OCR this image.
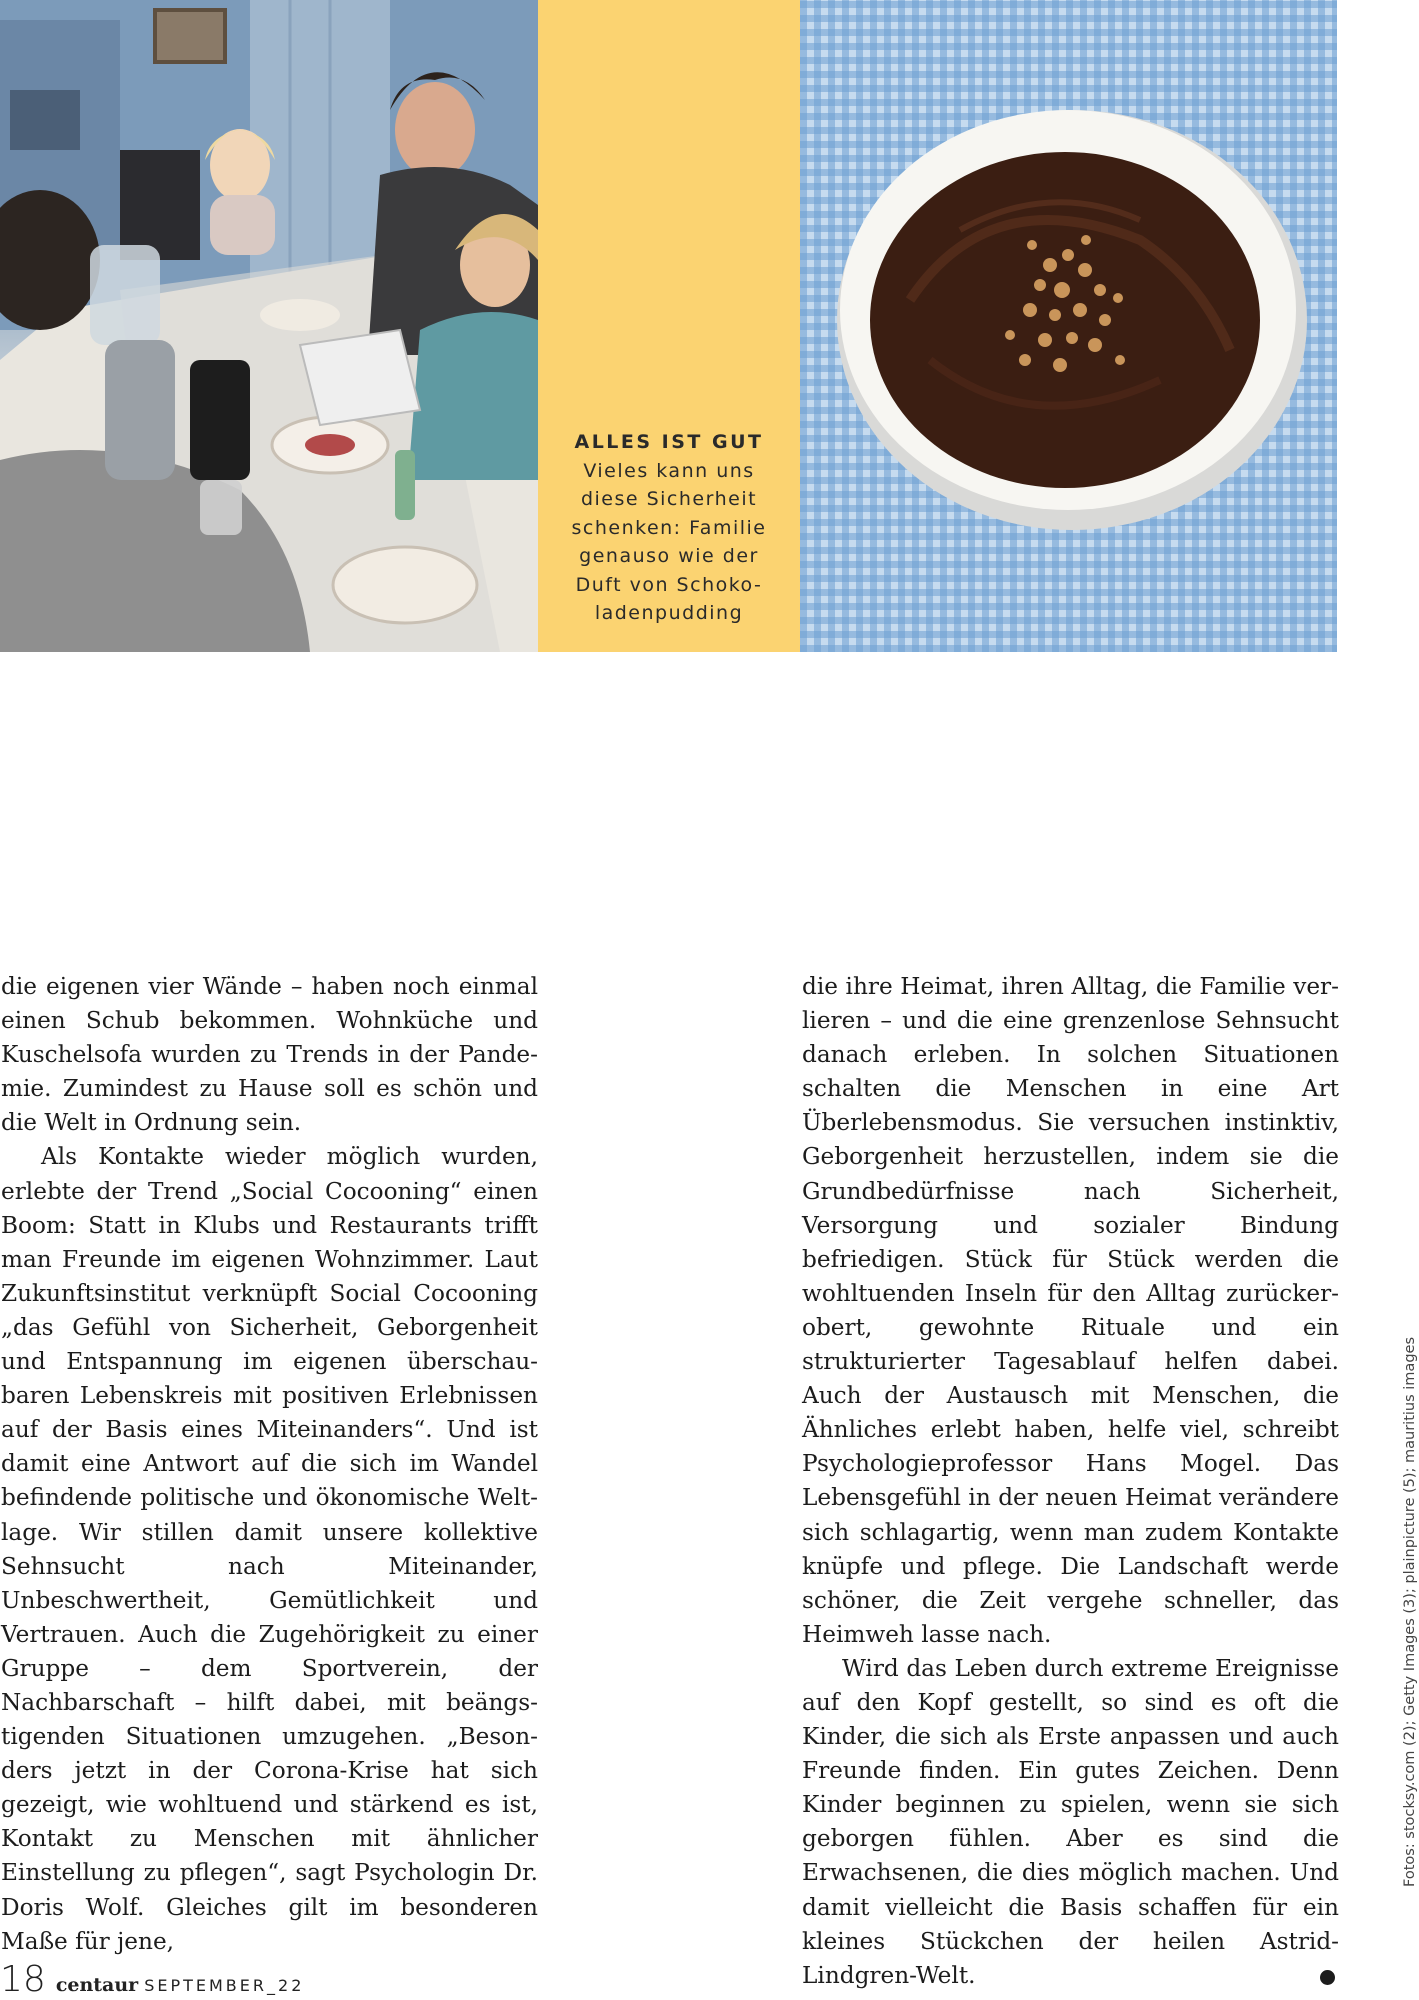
ALLES IST GUT
Vieles kann uns
diese Sicherheit
schenken: Familie
genauso wie der
Duft von Schoko-
ladenpudding

die eigenen vier Wände – haben noch einmal einen Schub bekommen. Wohnküche und Kuschelsofa wurden zu Trends in der Pandemie. Zumindest zu Hause soll es schön und die Welt in Ordnung sein.

Als Kontakte wieder möglich wurden, erlebte der Trend „Social Cocooning“ einen Boom: Statt in Klubs und Restaurants trifft man Freunde im eigenen Wohnzimmer. Laut Zukunftsinstitut verknüpft Social Cocooning „das Gefühl von Sicherheit, Geborgenheit und Entspannung im eigenen überschaubaren Lebenskreis mit positiven Erlebnissen auf der Basis eines Miteinanders“. Und ist damit eine Antwort auf die sich im Wandel befindende politische und ökonomische Weltlage. Wir stillen damit unsere kollektive Sehnsucht nach Miteinander, Unbeschwertheit, Gemütlichkeit und Vertrauen. Auch die Zugehörigkeit zu einer Gruppe – dem Sportverein, der Nachbarschaft – hilft dabei, mit beängstigenden Situationen umzugehen. „Besonders jetzt in der Corona-Krise hat sich gezeigt, wie wohltuend und stärkend es ist, Kontakt zu Menschen mit ähnlicher Einstellung zu pflegen“, sagt Psychologin Dr. Doris Wolf. Gleiches gilt im besonderen Maße für jene,

die ihre Heimat, ihren Alltag, die Familie verlieren – und die eine grenzenlose Sehnsucht danach erleben. In solchen Situationen schalten die Menschen in eine Art Überlebensmodus. Sie versuchen instinktiv, Geborgenheit herzustellen, indem sie die Grundbedürfnisse nach Sicherheit, Versorgung und sozialer Bindung befriedigen. Stück für Stück werden die wohltuenden Inseln für den Alltag zurückerobert, gewohnte Rituale und ein strukturierter Tagesablauf helfen dabei. Auch der Austausch mit Menschen, die Ähnliches erlebt haben, helfe viel, schreibt Psychologieprofessor Hans Mogel. Das Lebensgefühl in der neuen Heimat verändere sich schlagartig, wenn man zudem Kontakte knüpfe und pflege. Die Landschaft werde schöner, die Zeit vergehe schneller, das Heimweh lasse nach.

Wird das Leben durch extreme Ereignisse auf den Kopf gestellt, so sind es oft die Kinder, die sich als Erste anpassen und auch Freunde finden. Ein gutes Zeichen. Denn Kinder beginnen zu spielen, wenn sie sich geborgen fühlen. Aber es sind die Erwachsenen, die dies möglich machen. Und damit vielleicht die Basis schaffen für ein kleines Stückchen der heilen Astrid-Lindgren-Welt.

Fotos: stocksy.com (2); Getty Images (3); plainpicture (5); mauritius images
18 centaur SEPTEMBER_22
